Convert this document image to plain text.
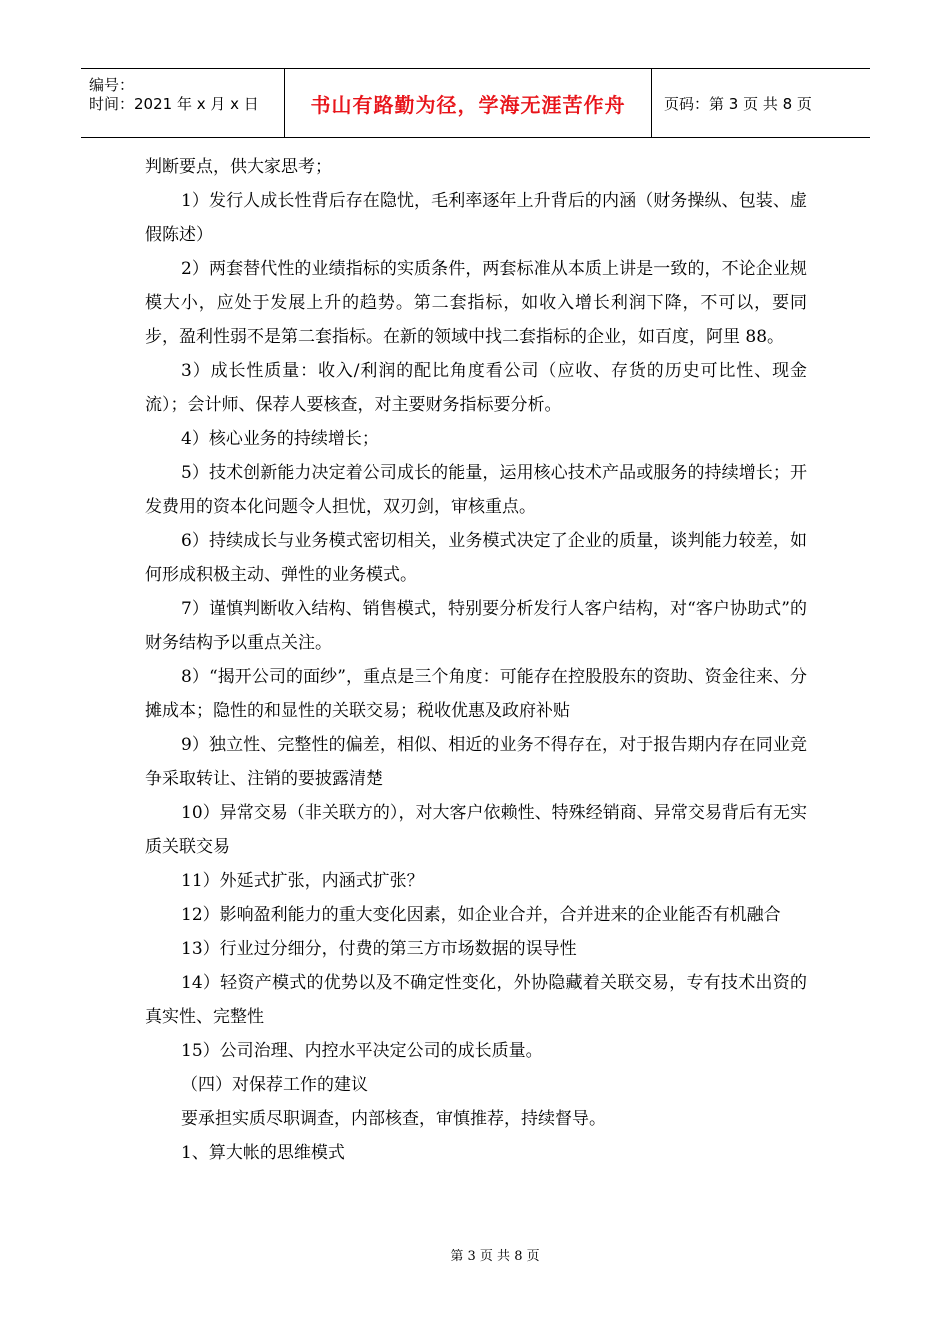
编号：
时间：2021 年 x 月 x 日	书山有路勤为径，学海无涯苦作舟	页码：第 3 页 共 8 页

判断要点，供大家思考；

1）发行人成长性背后存在隐忧，毛利率逐年上升背后的内涵（财务操纵、包装、虚假陈述）

2）两套替代性的业绩指标的实质条件，两套标准从本质上讲是一致的，不论企业规模大小，应处于发展上升的趋势。第二套指标，如收入增长利润下降，不可以，要同步，盈利性弱不是第二套指标。在新的领域中找二套指标的企业，如百度，阿里 88。

3）成长性质量：收入/利润的配比角度看公司（应收、存货的历史可比性、现金流）；会计师、保荐人要核查，对主要财务指标要分析。

4）核心业务的持续增长；

5）技术创新能力决定着公司成长的能量，运用核心技术产品或服务的持续增长；开发费用的资本化问题令人担忧，双刃剑，审核重点。

6）持续成长与业务模式密切相关，业务模式决定了企业的质量，谈判能力较差，如何形成积极主动、弹性的业务模式。

7）谨慎判断收入结构、销售模式，特别要分析发行人客户结构，对“客户协助式”的财务结构予以重点关注。

8）“揭开公司的面纱”，重点是三个角度：可能存在控股股东的资助、资金往来、分摊成本；隐性的和显性的关联交易；税收优惠及政府补贴

9）独立性、完整性的偏差，相似、相近的业务不得存在，对于报告期内存在同业竞争采取转让、注销的要披露清楚

10）异常交易（非关联方的），对大客户依赖性、特殊经销商、异常交易背后有无实质关联交易

11）外延式扩张，内涵式扩张？

12）影响盈利能力的重大变化因素，如企业合并，合并进来的企业能否有机融合

13）行业过分细分，付费的第三方市场数据的误导性

14）轻资产模式的优势以及不确定性变化，外协隐藏着关联交易，专有技术出资的真实性、完整性

15）公司治理、内控水平决定公司的成长质量。

（四）对保荐工作的建议

要承担实质尽职调查，内部核查，审慎推荐，持续督导。

1、算大帐的思维模式

第 3 页 共 8 页
